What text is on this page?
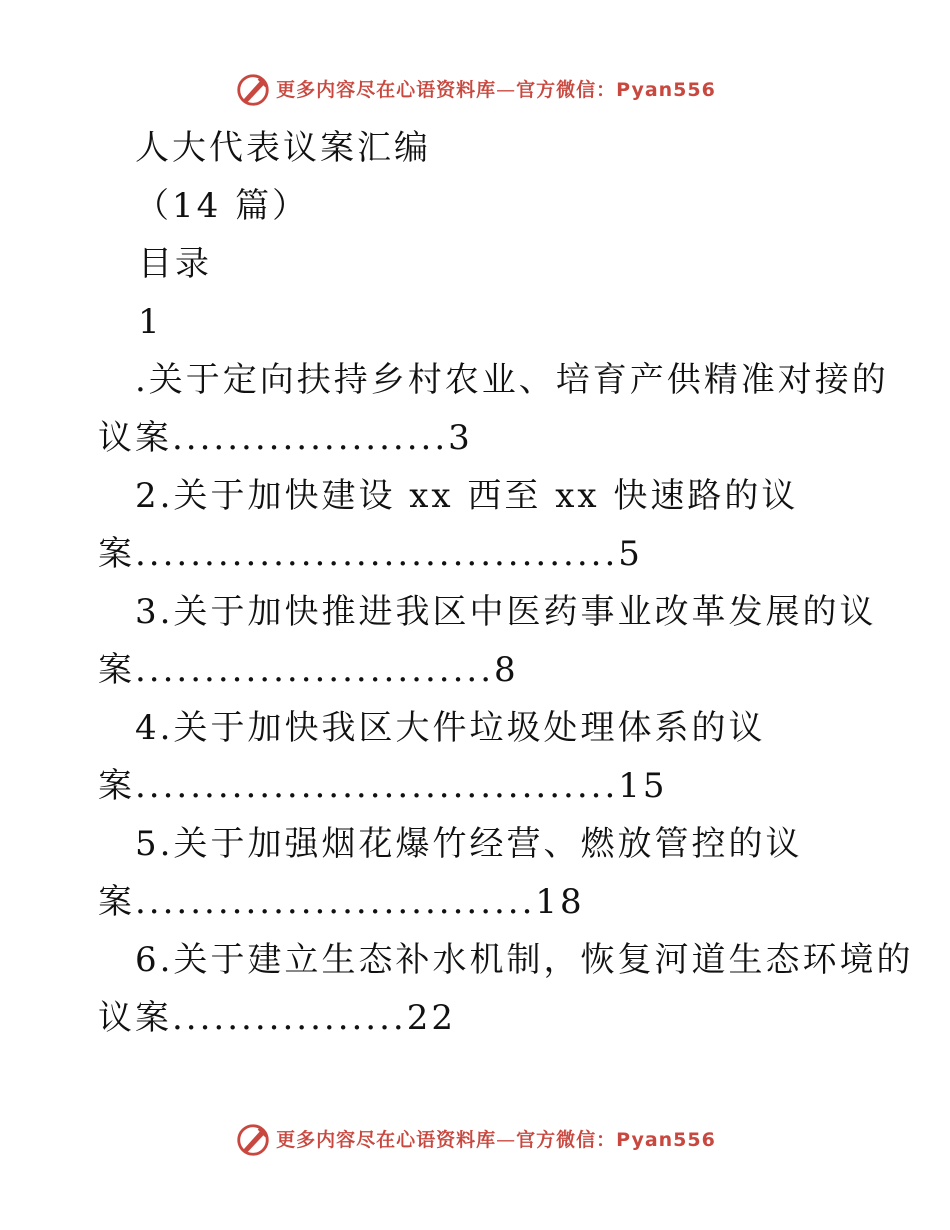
更多内容尽在心语资料库—官方微信：Pyan556
人大代表议案汇编
（14 篇）
目录
1
.关于定向扶持乡村农业、培育产供精准对接的
议案....................3
2.关于加快建设 xx 西至 xx 快速路的议
案...................................5
3.关于加快推进我区中医药事业改革发展的议
案..........................8
4.关于加快我区大件垃圾处理体系的议
案...................................15
5.关于加强烟花爆竹经营、燃放管控的议
案.............................18
6.关于建立生态补水机制，恢复河道生态环境的
议案.................22
更多内容尽在心语资料库—官方微信：Pyan556
